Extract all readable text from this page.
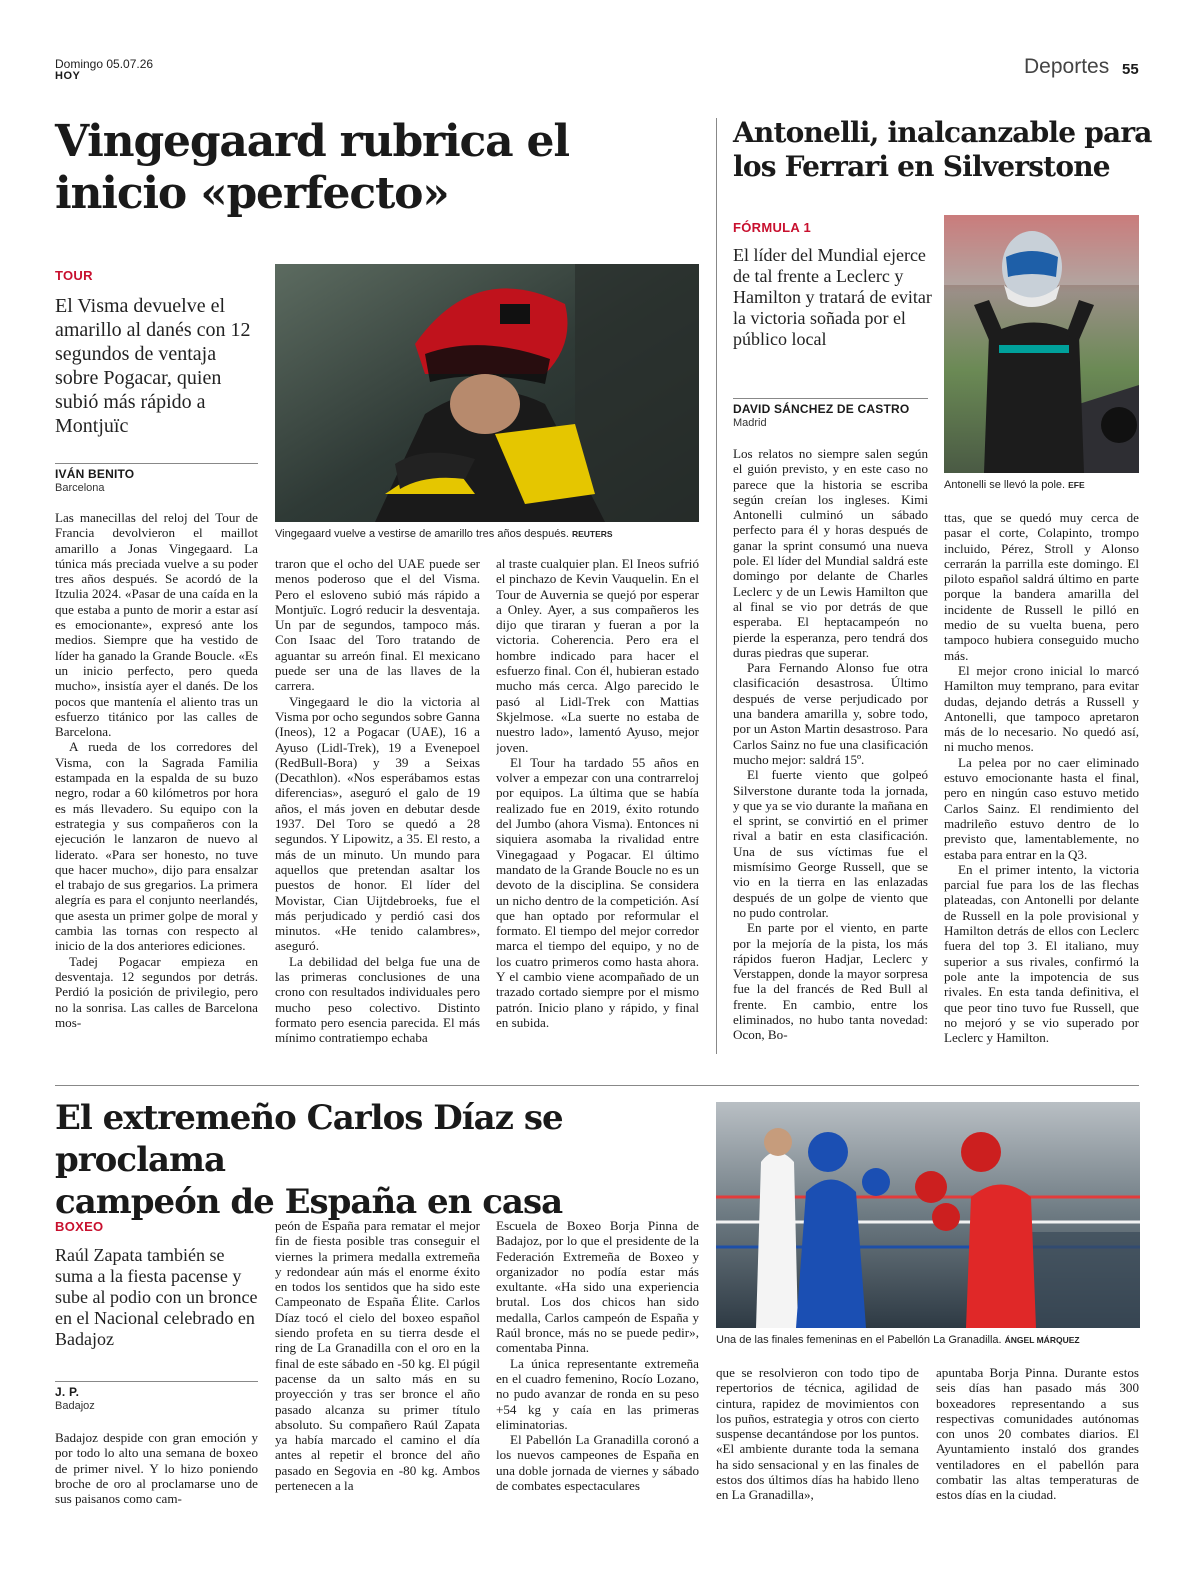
Domingo 05.07.26
HOY	Deportes 55
Vingegaard rubrica el
inicio «perfecto»
TOUR
El Visma devuelve el amarillo al danés con 12 segundos de ventaja sobre Pogacar, quien subió más rápido a Montjuïc
IVÁN BENITO
Barcelona
Vingegaard vuelve a vestirse de amarillo tres años después. REUTERS

Las manecillas del reloj del Tour de Francia devolvieron el maillot amarillo a Jonas Vingegaard. La túnica más preciada vuelve a su poder tres años después. Se acordó de la Itzulia 2024. «Pasar de una caída en la que estaba a punto de morir a estar así es emocionante», expresó ante los medios. Siempre que ha vestido de líder ha ganado la Grande Boucle. «Es un inicio perfecto, pero queda mucho», insistía ayer el danés. De los pocos que mantenía el aliento tras un esfuerzo titánico por las calles de Barcelona.

A rueda de los corredores del Visma, con la Sagrada Familia estampada en la espalda de su buzo negro, rodar a 60 kilómetros por hora es más llevadero. Su equipo con la estrategia y sus compañeros con la ejecución le lanzaron de nuevo al liderato. «Para ser honesto, no tuve que hacer mucho», dijo para ensalzar el trabajo de sus gregarios. La primera alegría es para el conjunto neerlandés, que asesta un primer golpe de moral y cambia las tornas con respecto al inicio de la dos anteriores ediciones.

Tadej Pogacar empieza en desventaja. 12 segundos por detrás. Perdió la posición de privilegio, pero no la sonrisa. Las calles de Barcelona mos-

traron que el ocho del UAE puede ser menos poderoso que el del Visma. Pero el esloveno subió más rápido a Montjuïc. Logró reducir la desventaja. Un par de segundos, tampoco más. Con Isaac del Toro tratando de aguantar su arreón final. El mexicano puede ser una de las llaves de la carrera.

Vingegaard le dio la victoria al Visma por ocho segundos sobre Ganna (Ineos), 12 a Pogacar (UAE), 16 a Ayuso (Lidl-Trek), 19 a Evenepoel (RedBull-Bora) y 39 a Seixas (Decathlon). «Nos esperábamos estas diferencias», aseguró el galo de 19 años, el más joven en debutar desde 1937. Del Toro se quedó a 28 segundos. Y Lipowitz, a 35. El resto, a más de un minuto. Un mundo para aquellos que pretendan asaltar los puestos de honor. El líder del Movistar, Cian Uijtdebroeks, fue el más perjudicado y perdió casi dos minutos. «He tenido calambres», aseguró.

La debilidad del belga fue una de las primeras conclusiones de una crono con resultados individuales pero mucho peso colectivo. Distinto formato pero esencia parecida. El más mínimo contratiempo echaba

al traste cualquier plan. El Ineos sufrió el pinchazo de Kevin Vauquelin. En el Tour de Auvernia se quejó por esperar a Onley. Ayer, a sus compañeros les dijo que tiraran y fueran a por la victoria. Coherencia. Pero era el hombre indicado para hacer el esfuerzo final. Con él, hubieran estado mucho más cerca. Algo parecido le pasó al Lidl-Trek con Mattias Skjelmose. «La suerte no estaba de nuestro lado», lamentó Ayuso, mejor joven.

El Tour ha tardado 55 años en volver a empezar con una contrarreloj por equipos. La última que se había realizado fue en 2019, éxito rotundo del Jumbo (ahora Visma). Entonces ni siquiera asomaba la rivalidad entre Vinegagaad y Pogacar. El último mandato de la Grande Boucle no es un devoto de la disciplina. Se considera un nicho dentro de la competición. Así que han optado por reformular el formato. El tiempo del mejor corredor marca el tiempo del equipo, y no de los cuatro primeros como hasta ahora. Y el cambio viene acompañado de un trazado cortado siempre por el mismo patrón. Inicio plano y rápido, y final en subida.

Antonelli, inalcanzable para
los Ferrari en Silverstone
FÓRMULA 1
El líder del Mundial ejerce de tal frente a Leclerc y Hamilton y tratará de evitar la victoria soñada por el público local
DAVID SÁNCHEZ DE CASTRO
Madrid
Antonelli se llevó la pole. EFE

Los relatos no siempre salen según el guión previsto, y en este caso no parece que la historia se escriba según creían los ingleses. Kimi Antonelli culminó un sábado perfecto para él y horas después de ganar la sprint consumó una nueva pole. El líder del Mundial saldrá este domingo por delante de Charles Leclerc y de un Lewis Hamilton que al final se vio por detrás de que esperaba. El heptacampeón no pierde la esperanza, pero tendrá dos duras piedras que superar.

Para Fernando Alonso fue otra clasificación desastrosa. Último después de verse perjudicado por una bandera amarilla y, sobre todo, por un Aston Martin desastroso. Para Carlos Sainz no fue una clasificación mucho mejor: saldrá 15º.

El fuerte viento que golpeó Silverstone durante toda la jornada, y que ya se vio durante la mañana en el sprint, se convirtió en el primer rival a batir en esta clasificación. Una de sus víctimas fue el mismísimo George Russell, que se vio en la tierra en las enlazadas después de un golpe de viento que no pudo controlar.

En parte por el viento, en parte por la mejoría de la pista, los más rápidos fueron Hadjar, Leclerc y Verstappen, donde la mayor sorpresa fue la del francés de Red Bull al frente. En cambio, entre los eliminados, no hubo tanta novedad: Ocon, Bo-

ttas, que se quedó muy cerca de pasar el corte, Colapinto, trompo incluido, Pérez, Stroll y Alonso cerrarán la parrilla este domingo. El piloto español saldrá último en parte porque la bandera amarilla del incidente de Russell le pilló en medio de su vuelta buena, pero tampoco hubiera conseguido mucho más.

El mejor crono inicial lo marcó Hamilton muy temprano, para evitar dudas, dejando detrás a Russell y Antonelli, que tampoco apretaron más de lo necesario. No quedó así, ni mucho menos.

La pelea por no caer eliminado estuvo emocionante hasta el final, pero en ningún caso estuvo metido Carlos Sainz. El rendimiento del madrileño estuvo dentro de lo previsto que, lamentablemente, no estaba para entrar en la Q3.

En el primer intento, la victoria parcial fue para los de las flechas plateadas, con Antonelli por delante de Russell en la pole provisional y Hamilton detrás de ellos con Leclerc fuera del top 3. El italiano, muy superior a sus rivales, confirmó la pole ante la impotencia de sus rivales. En esta tanda definitiva, el que peor tino tuvo fue Russell, que no mejoró y se vio superado por Leclerc y Hamilton.

El extremeño Carlos Díaz se proclama
campeón de España en casa
BOXEO
Raúl Zapata también se suma a la fiesta pacense y sube al podio con un bronce en el Nacional celebrado en Badajoz
J. P.
Badajoz
Una de las finales femeninas en el Pabellón La Granadilla. ÁNGEL MÁRQUEZ

Badajoz despide con gran emoción y por todo lo alto una semana de boxeo de primer nivel. Y lo hizo poniendo broche de oro al proclamarse uno de sus paisanos como cam-

peón de España para rematar el mejor fin de fiesta posible tras conseguir el viernes la primera medalla extremeña y redondear aún más el enorme éxito en todos los sentidos que ha sido este Campeonato de España Élite. Carlos Díaz tocó el cielo del boxeo español siendo profeta en su tierra desde el ring de La Granadilla con el oro en la final de este sábado en -50 kg. El púgil pacense da un salto más en su proyección y tras ser bronce el año pasado alcanza su primer título absoluto. Su compañero Raúl Zapata ya había marcado el camino el día antes al repetir el bronce del año pasado en Segovia en -80 kg. Ambos pertenecen a la

Escuela de Boxeo Borja Pinna de Badajoz, por lo que el presidente de la Federación Extremeña de Boxeo y organizador no podía estar más exultante. «Ha sido una experiencia brutal. Los dos chicos han sido medalla, Carlos campeón de España y Raúl bronce, más no se puede pedir», comentaba Pinna.

La única representante extremeña en el cuadro femenino, Rocío Lozano, no pudo avanzar de ronda en su peso +54 kg y caía en las primeras eliminatorias.

El Pabellón La Granadilla coronó a los nuevos campeones de España en una doble jornada de viernes y sábado de combates espectaculares

que se resolvieron con todo tipo de repertorios de técnica, agilidad de cintura, rapidez de movimientos con los puños, estrategia y otros con cierto suspense decantándose por los puntos. «El ambiente durante toda la semana ha sido sensacional y en las finales de estos dos últimos días ha habido lleno en La Granadilla»,

apuntaba Borja Pinna. Durante estos seis días han pasado más 300 boxeadores representando a sus respectivas comunidades autónomas con unos 20 combates diarios. El Ayuntamiento instaló dos grandes ventiladores en el pabellón para combatir las altas temperaturas de estos días en la ciudad.
